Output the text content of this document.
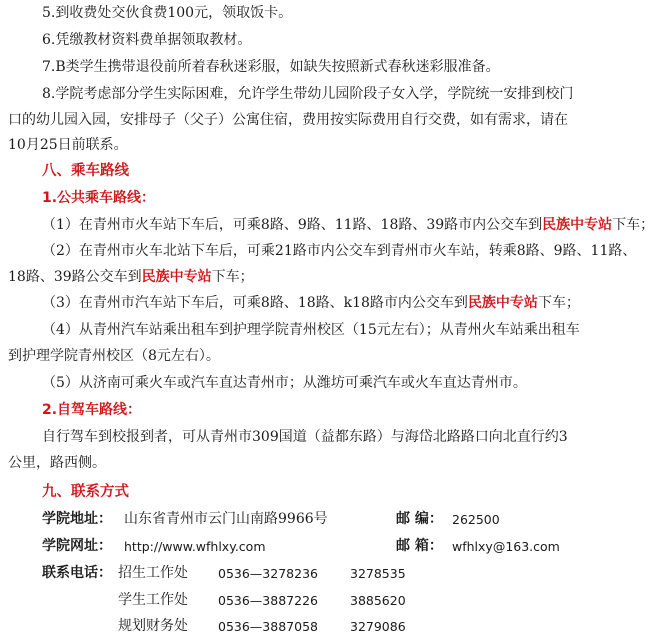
5.到收费处交伙食费100元，领取饭卡。
6.凭缴教材资料费单据领取教材。
7.B类学生携带退役前所着春秋迷彩服，如缺失按照新式春秋迷彩服准备。
8.学院考虑部分学生实际困难，允许学生带幼儿园阶段子女入学，学院统一安排到校门
口的幼儿园入园，安排母子（父子）公寓住宿，费用按实际费用自行交费，如有需求，请在
10月25日前联系。
八、乘车路线
1.公共乘车路线：
（1）在青州市火车站下车后，可乘8路、9路、11路、18路、39路市内公交车到民族中专站下车；
（2）在青州市火车北站下车后，可乘21路市内公交车到青州市火车站，转乘8路、9路、11路、
18路、39路公交车到民族中专站下车；
（3）在青州市汽车站下车后，可乘8路、18路、k18路市内公交车到民族中专站下车；
（4）从青州汽车站乘出租车到护理学院青州校区（15元左右）；从青州火车站乘出租车
到护理学院青州校区（8元左右）。
（5）从济南可乘火车或汽车直达青州市；从潍坊可乘汽车或火车直达青州市。
2.自驾车路线：
自行驾车到校报到者，可从青州市309国道（益都东路）与海岱北路路口向北直行约3
公里，路西侧。
九、联系方式
学院地址： 山东省青州市云门山南路9966号	邮 编： 262500
学院网址： http://www.wfhlxy.com	邮 箱： wfhlxy@163.com
联系电话： 招生工作处 0536—3278236	3278535
学生工作处 0536—3887226	3885620
规划财务处 0536—3887058	3279086
